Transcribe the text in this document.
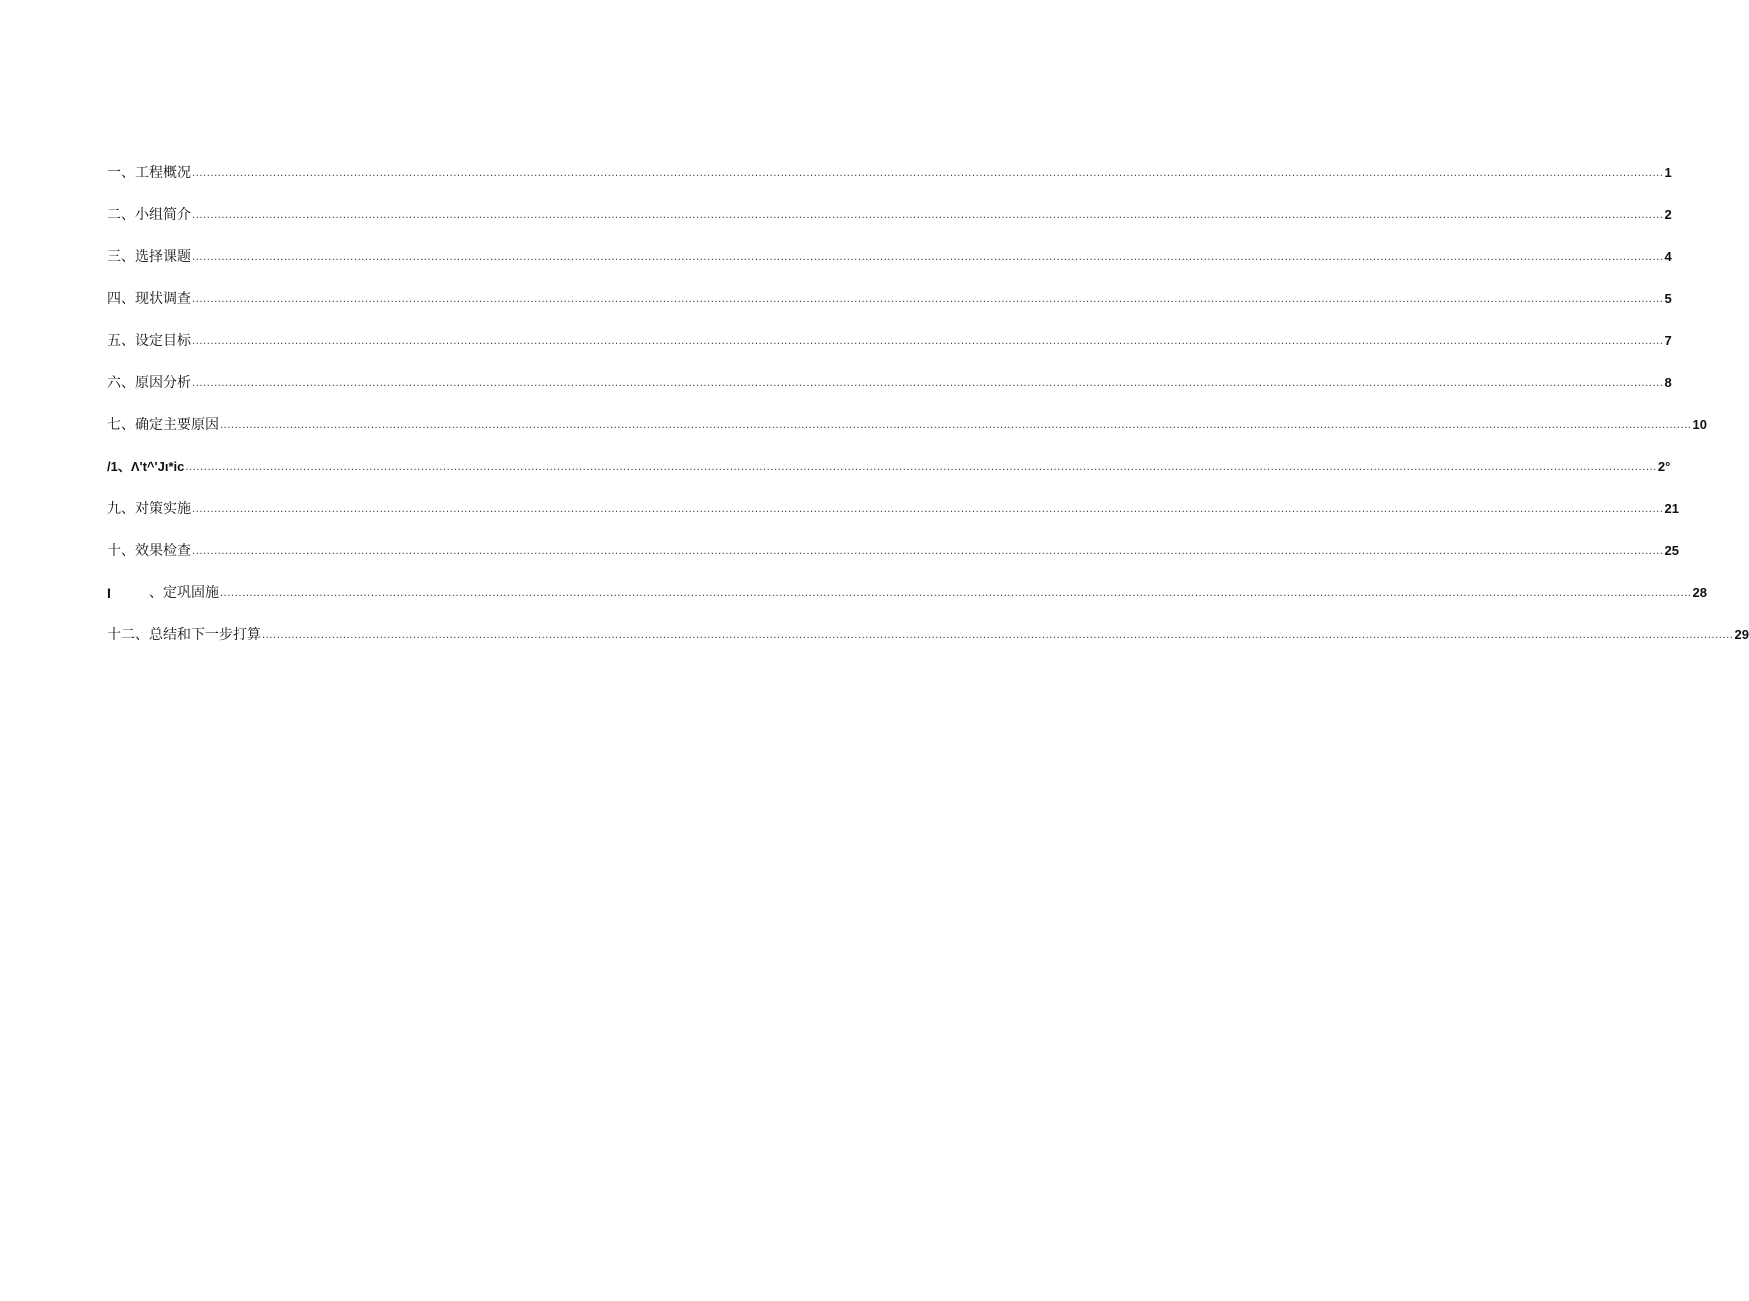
一、 工程概况 ................................................................................................................................................................................................................................................................................................................................................................................................................ 1
二、 小组简介 ................................................................................................................................................................................................................................................................................................................................................................................................................ 2
三、 选择课题 ................................................................................................................................................................................................................................................................................................................................................................................................................ 4
四、 现状调查 ................................................................................................................................................................................................................................................................................................................................................................................................................ 5
五、 设定目标 ................................................................................................................................................................................................................................................................................................................................................................................................................ 7
六、 原因分析 ................................................................................................................................................................................................................................................................................................................................................................................................................ 8
七、 确定主要原因 ................................................................................................................................................................................................................................................................................................................................................................................................................ 10
/1、 Λ't^'Jι*ic ................................................................................................................................................................................................................................................................................................................................................................................................................ 2°
九、 对策实施 ................................................................................................................................................................................................................................................................................................................................................................................................................ 21
十、 效果检查 ................................................................................................................................................................................................................................................................................................................................................................................................................ 25
I	、定巩固施 ................................................................................................................................................................................................................................................................................................................................................................................................................ 28
十二、 总结和下一步打算 ................................................................................................................................................................................................................................................................................................................................................................................................................ 29
